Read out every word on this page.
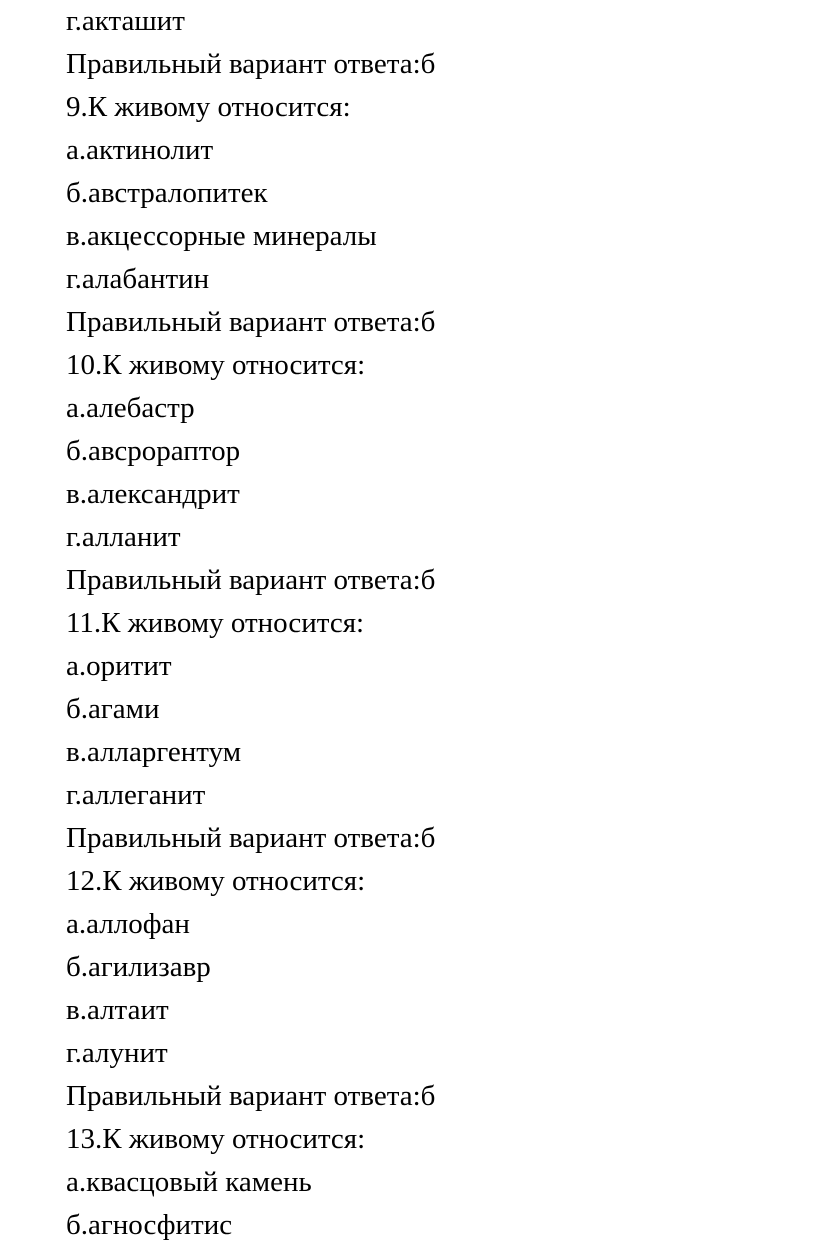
г.акташит
Правильный вариант ответа:б
9.К живому относится:
а.актинолит
б.австралопитек
в.акцессорные минералы
г.алабантин
Правильный вариант ответа:б
10.К живому относится:
а.алебастр
б.авсрораптор
в.александрит
г.алланит
Правильный вариант ответа:б
11.К живому относится:
а.оритит
б.агами
в.алларгентум
г.аллеганит
Правильный вариант ответа:б
12.К живому относится:
а.аллофан
б.агилизавр
в.алтаит
г.алунит
Правильный вариант ответа:б
13.К живому относится:
а.квасцовый камень
б.агносфитис
